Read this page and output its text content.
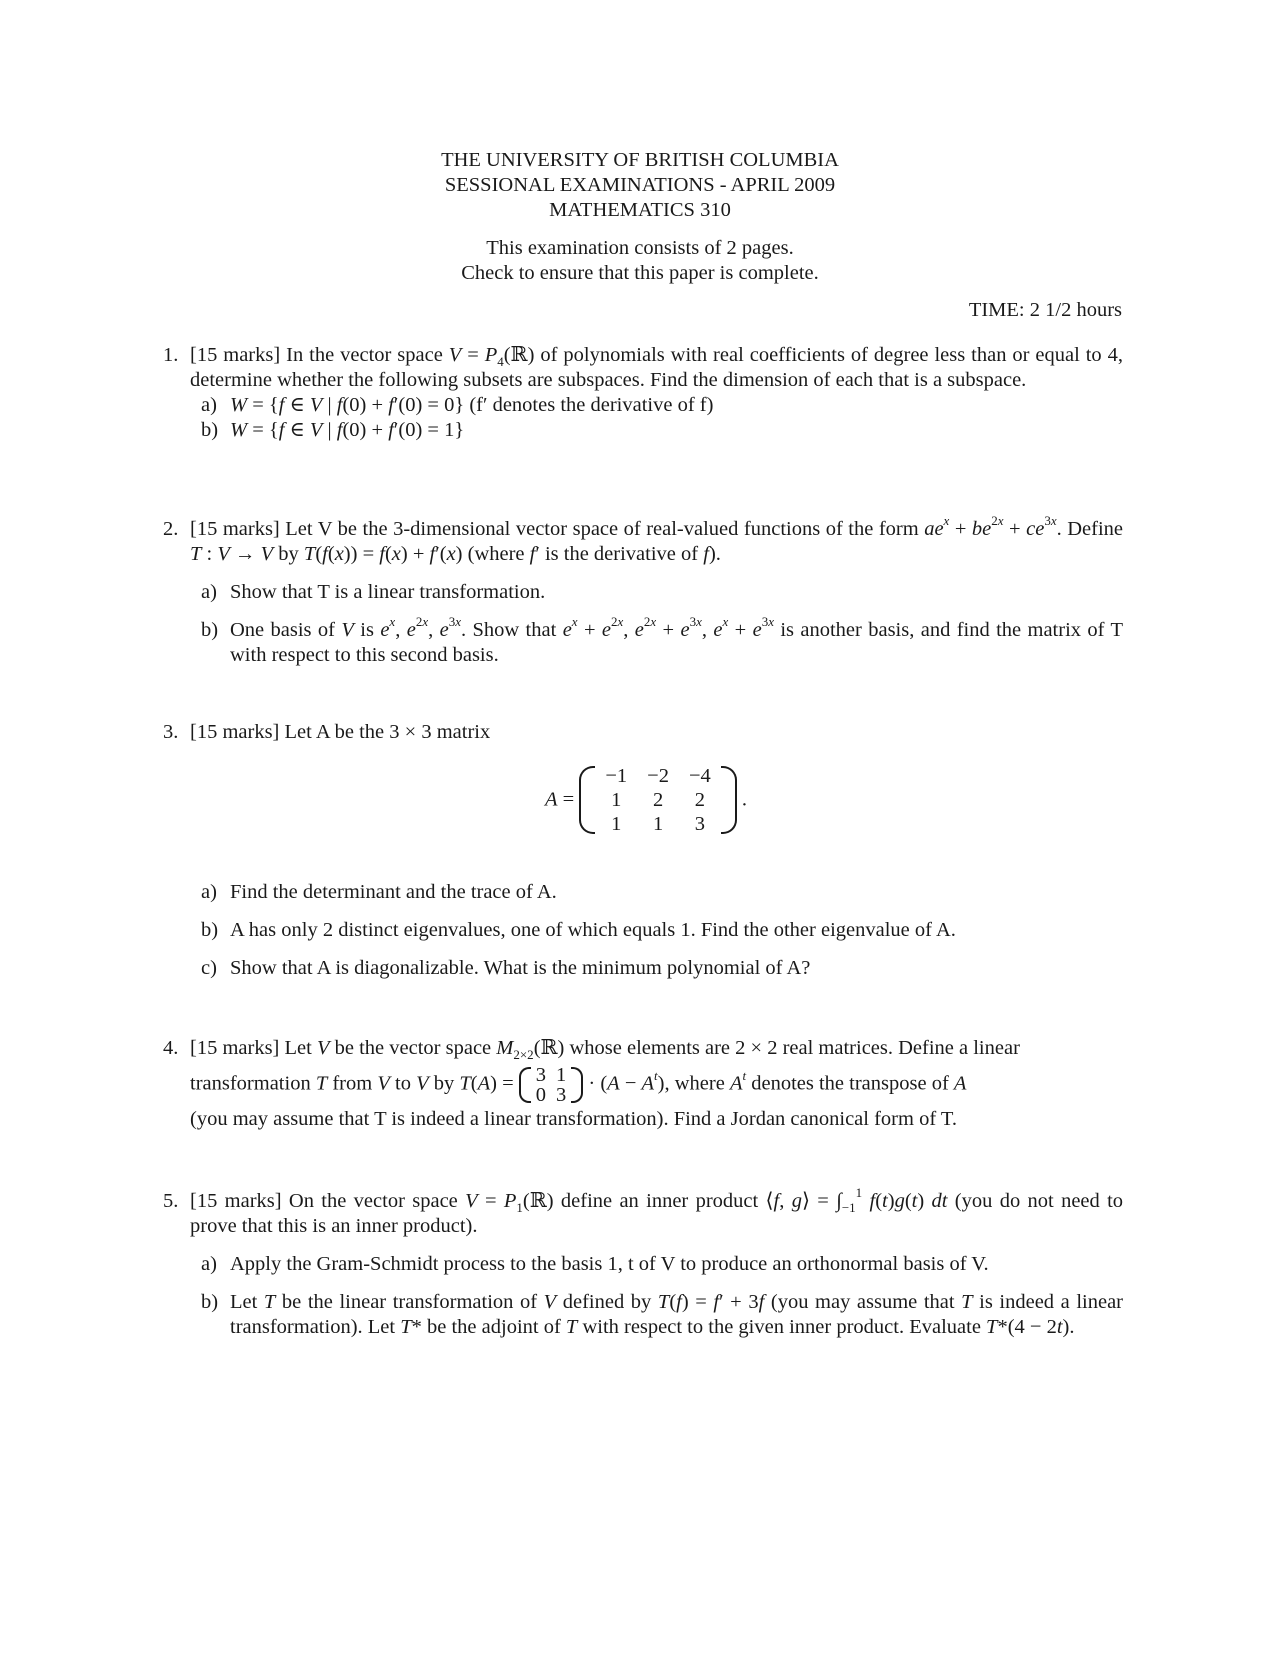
THE UNIVERSITY OF BRITISH COLUMBIA
SESSIONAL EXAMINATIONS - APRIL 2009
MATHEMATICS 310
This examination consists of 2 pages.
Check to ensure that this paper is complete.
TIME: 2 1/2 hours
1. [15 marks] In the vector space $V = P_4(ℝ)$ of polynomials with real coefficients of degree less than or equal to 4, determine whether the following subsets are subspaces. Find the dimension of each that is a subspace.
a) W = {f ∈ V | f(0) + f′(0) = 0} (f′ denotes the derivative of f)
b) W = {f ∈ V | f(0) + f′(0) = 1}
2. [15 marks] Let V be the 3-dimensional vector space of real-valued functions of the form $ae^x + be^{2x} + ce^{3x}$. Define T : V → V by T(f(x)) = f(x) + f′(x) (where f′ is the derivative of f).
a) Show that T is a linear transformation.
b) One basis of V is $e^x$, $e^{2x}$, $e^{3x}$. Show that $e^x + e^{2x}$, $e^{2x} + e^{3x}$, $e^x + e^{3x}$ is another basis, and find the matrix of T with respect to this second basis.
3. [15 marks] Let A be the 3 × 3 matrix
A =
−1	−2	−4
1	2	2
1	1	3
.
a) Find the determinant and the trace of A.
b) A has only 2 distinct eigenvalues, one of which equals 1. Find the other eigenvalue of A.
c) Show that A is diagonalizable. What is the minimum polynomial of A?
4. [15 marks] Let V be the vector space $M_{2\times 2}(ℝ)$ whose elements are 2 × 2 real matrices. Define a linear
transformation T from V to V by T(A) = 3	1
0	3
· $(A - A^t)$, where $A^t$ denotes the transpose of A
(you may assume that T is indeed a linear transformation). Find a Jordan canonical form of T.
5. [15 marks] On the vector space $V = P_1(ℝ)$ define an inner product ⟨f, g⟩ = $\int_{-1}^1$ f(t)g(t) dt (you do not need to prove that this is an inner product).
a) Apply the Gram-Schmidt process to the basis 1, t of V to produce an orthonormal basis of V.
b) Let T be the linear transformation of V defined by T(f) = f′ + 3f (you may assume that T is indeed a linear transformation). Let T* be the adjoint of T with respect to the given inner product. Evaluate T*(4 − 2t).
